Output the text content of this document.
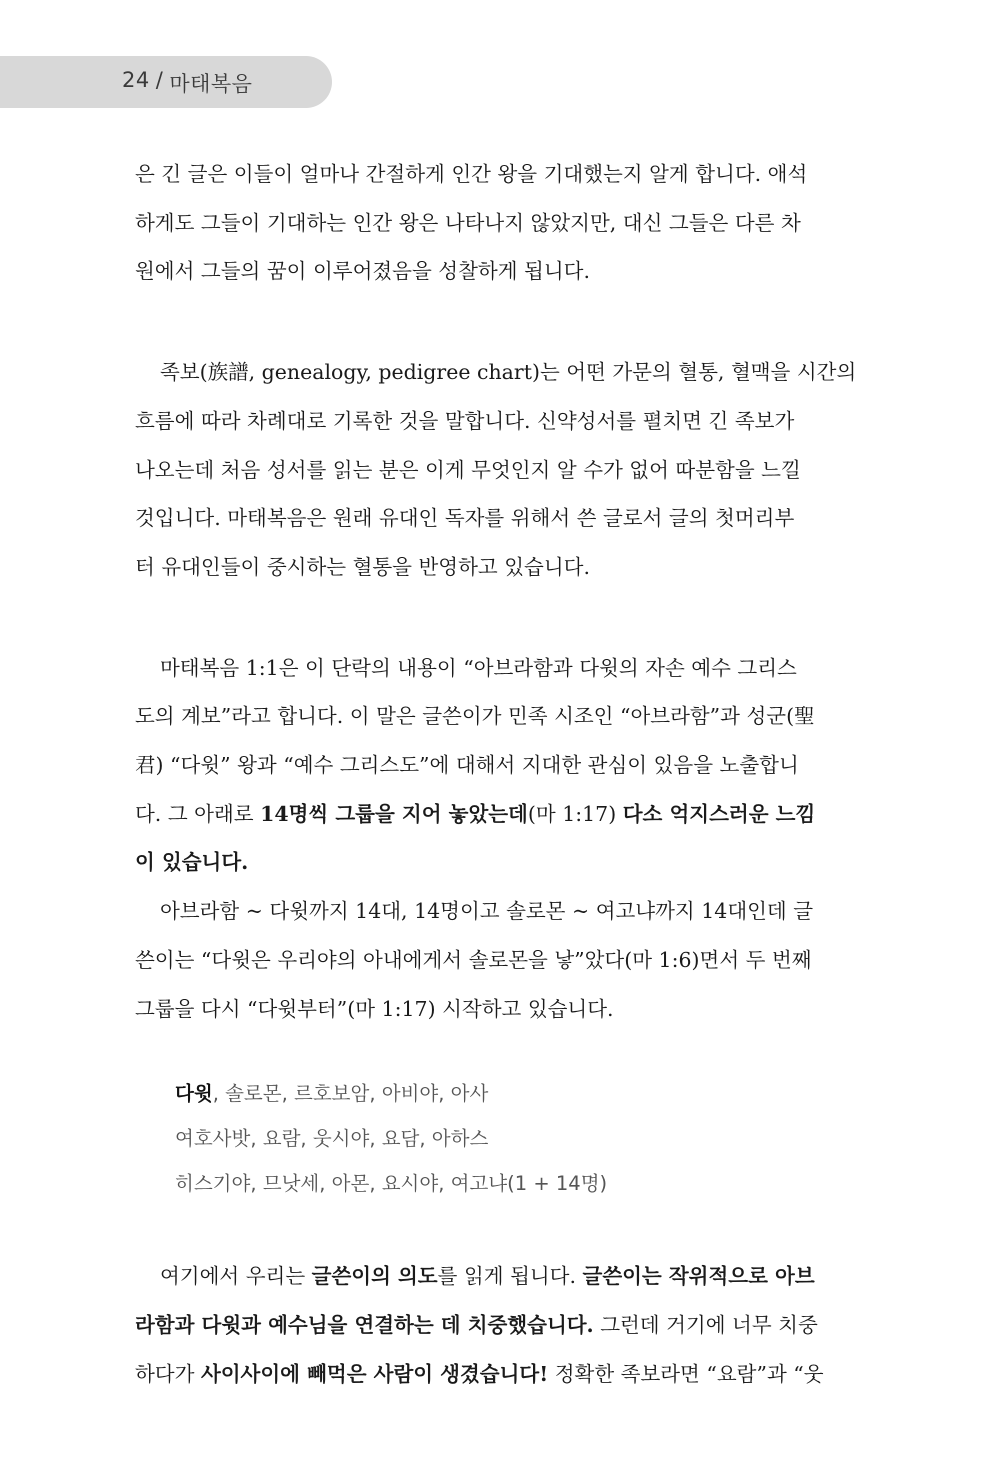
24 / 마태복음

은 긴 글은 이들이 얼마나 간절하게 인간 왕을 기대했는지 알게 합니다. 애석

하게도 그들이 기대하는 인간 왕은 나타나지 않았지만, 대신 그들은 다른 차

원에서 그들의 꿈이 이루어졌음을 성찰하게 됩니다.

족보(族譜, genealogy, pedigree chart)는 어떤 가문의 혈통, 혈맥을 시간의

흐름에 따라 차례대로 기록한 것을 말합니다. 신약성서를 펼치면 긴 족보가

나오는데 처음 성서를 읽는 분은 이게 무엇인지 알 수가 없어 따분함을 느낄

것입니다. 마태복음은 원래 유대인 독자를 위해서 쓴 글로서 글의 첫머리부

터 유대인들이 중시하는 혈통을 반영하고 있습니다.

마태복음 1:1은 이 단락의 내용이 “아브라함과 다윗의 자손 예수 그리스

도의 계보”라고 합니다. 이 말은 글쓴이가 민족 시조인 “아브라함”과 성군(聖

君) “다윗” 왕과 “예수 그리스도”에 대해서 지대한 관심이 있음을 노출합니

다. 그 아래로 14명씩 그룹을 지어 놓았는데(마 1:17) 다소 억지스러운 느낌

이 있습니다.

아브라함 ~ 다윗까지 14대, 14명이고 솔로몬 ~ 여고냐까지 14대인데 글

쓴이는 “다윗은 우리야의 아내에게서 솔로몬을 낳”았다(마 1:6)면서 두 번째

그룹을 다시 “다윗부터”(마 1:17) 시작하고 있습니다.

다윗, 솔로몬, 르호보암, 아비야, 아사
여호사밧, 요람, 웃시야, 요담, 아하스
히스기야, 므낫세, 아몬, 요시야, 여고냐(1 + 14명)

여기에서 우리는 글쓴이의 의도를 읽게 됩니다. 글쓴이는 작위적으로 아브

라함과 다윗과 예수님을 연결하는 데 치중했습니다. 그런데 거기에 너무 치중

하다가 사이사이에 빼먹은 사람이 생겼습니다! 정확한 족보라면 “요람”과 “웃
